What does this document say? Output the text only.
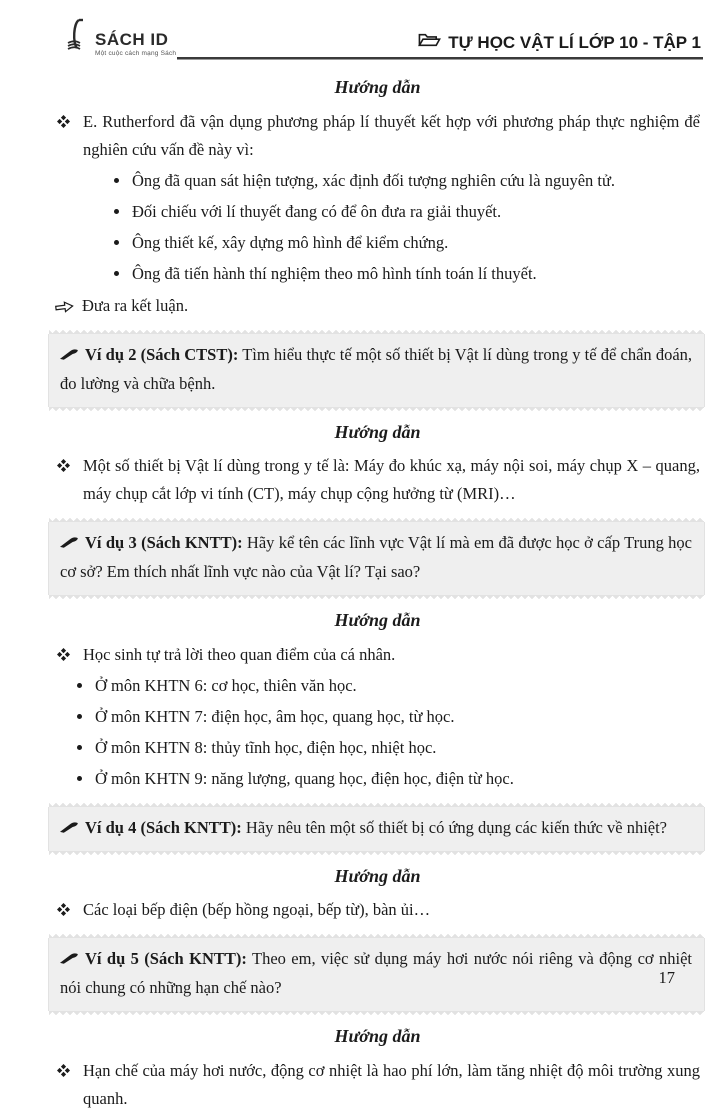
SÁCH ID
Một cuộc cách mạng Sách
TỰ HỌC VẬT LÍ LỚP 10 - TẬP 1
Hướng dẫn
E. Rutherford đã vận dụng phương pháp lí thuyết kết hợp với phương pháp thực nghiệm để nghiên cứu vấn đề này vì:
Ông đã quan sát hiện tượng, xác định đối tượng nghiên cứu là nguyên tử.
Đối chiếu với lí thuyết đang có để ôn đưa ra giải thuyết.
Ông thiết kế, xây dựng mô hình để kiểm chứng.
Ông đã tiến hành thí nghiệm theo mô hình tính toán lí thuyết.
Đưa ra kết luận.
Ví dụ 2 (Sách CTST): Tìm hiểu thực tế một số thiết bị Vật lí dùng trong y tế để chẩn đoán, đo lường và chữa bệnh.
Hướng dẫn
Một số thiết bị Vật lí dùng trong y tế là: Máy đo khúc xạ, máy nội soi, máy chụp X – quang, máy chụp cắt lớp vi tính (CT), máy chụp cộng hưởng từ (MRI)…
Ví dụ 3 (Sách KNTT): Hãy kể tên các lĩnh vực Vật lí mà em đã được học ở cấp Trung học cơ sở? Em thích nhất lĩnh vực nào của Vật lí? Tại sao?
Hướng dẫn
Học sinh tự trả lời theo quan điểm của cá nhân.
Ở môn KHTN 6: cơ học, thiên văn học.
Ở môn KHTN 7: điện học, âm học, quang học, từ học.
Ở môn KHTN 8: thủy tĩnh học, điện học, nhiệt học.
Ở môn KHTN 9: năng lượng, quang học, điện học, điện từ học.
Ví dụ 4 (Sách KNTT): Hãy nêu tên một số thiết bị có ứng dụng các kiến thức về nhiệt?
Hướng dẫn
Các loại bếp điện (bếp hồng ngoại, bếp từ), bàn ủi…
Ví dụ 5 (Sách KNTT): Theo em, việc sử dụng máy hơi nước nói riêng và động cơ nhiệt nói chung có những hạn chế nào?
Hướng dẫn
Hạn chế của máy hơi nước, động cơ nhiệt là hao phí lớn, làm tăng nhiệt độ môi trường xung quanh.
17
